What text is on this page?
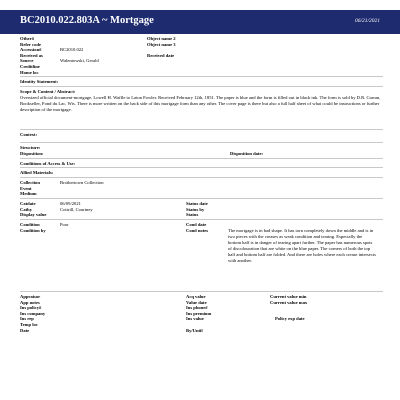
BC2010.022.803A ~ Mortgage	06/21/2021
Other#	Object name 2
Refer code	Object name 3
Accession#	BC2010.022
Received as	Received date
Source	Walentowski, Gerald
Creditline
Home loc
Identity Statement:
Scope & Content / Abstract:
Oversized official document-mortgage, Lowell H. Waffle to Laton Fowler. Received February 12th, 1851. The paper is blue and the form is filled out in black ink. The form is sold by D.R. Curran, Bookseller, Fond du Lac, Wis. There is more written on the back side of this mortgage form than any other. The cover page is there but also a full half sheet of what could be instructions or further description of the mortgage.
Context:
Structure:
Disposition:	Disposition date:
Conditions of Access & Use:
Allied Materials:
Collection	Brothertown Collection
Event
Medium
Catdate	06/09/2021	Status date
Catby	Cottrill, Courtney	Status by
Display value	Status
Condition	Poor	Cond date
Condition by	Cond notes	The mortgage is in bad shape. It has torn completely down the middle and is in two pieces with the creases as weak condition and tearing. Especially the bottom half is in danger of tearing apart further. The paper has numerous spots of discolouration that are white on the blue paper. The corners of both the top half and bottom half are folded. And there are holes where each crease intersects with another.
Appraisor	Acq value	Current value min
App notes	Value date	Current value max
Ins policy#	Ins phone#
Ins company	Ins premium
Ins rep	Ins value	Policy exp date
Temp loc
Date	By/Until
